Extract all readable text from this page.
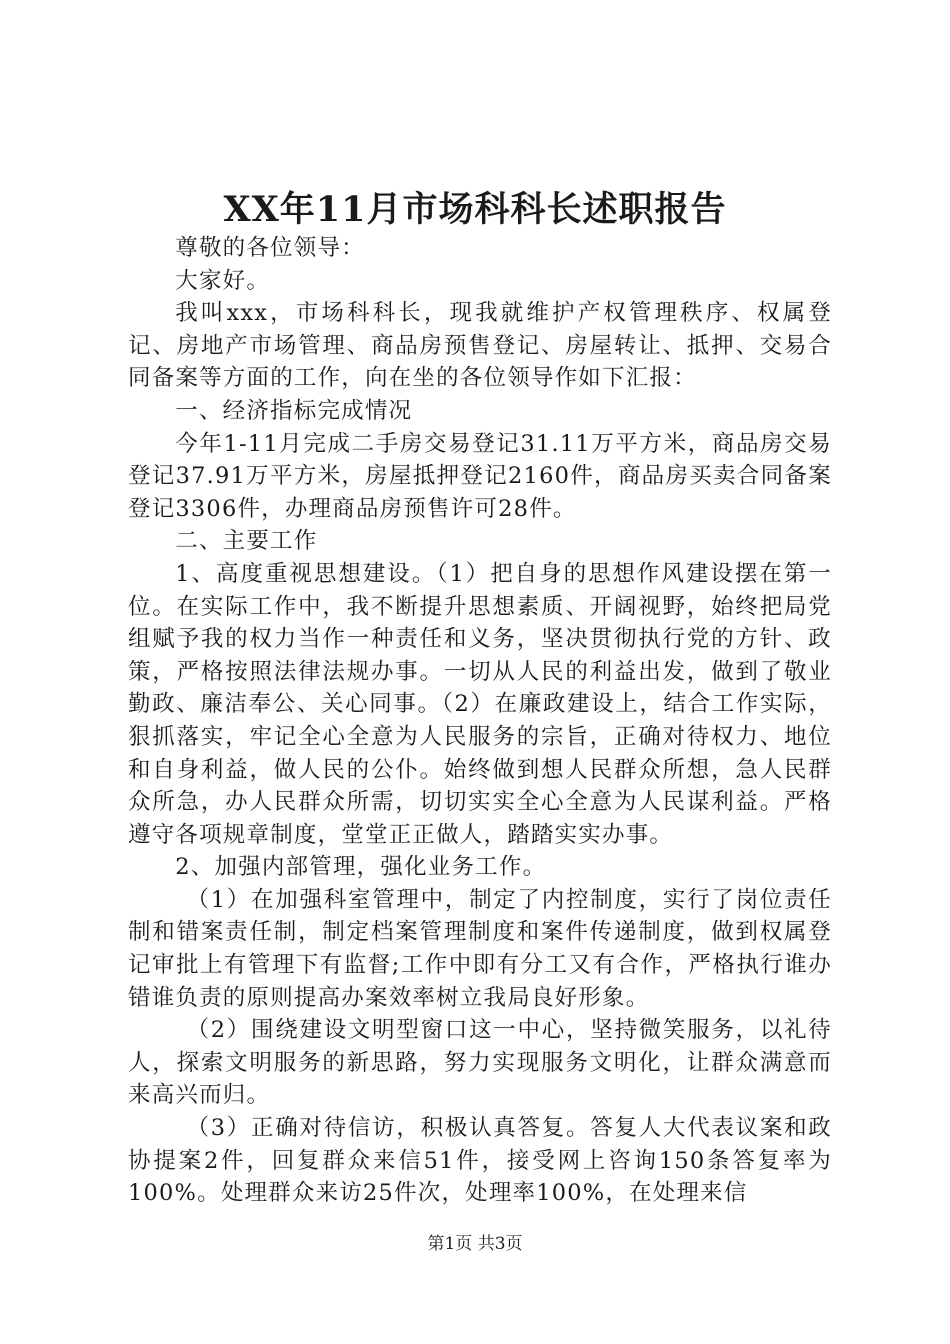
XX年11月市场科科长述职报告

尊敬的各位领导：

大家好。

我叫xxx，市场科科长，现我就维护产权管理秩序、权属登记、房地产市场管理、商品房预售登记、房屋转让、抵押、交易合同备案等方面的工作，向在坐的各位领导作如下汇报：

一、经济指标完成情况

今年1-11月完成二手房交易登记31.11万平方米，商品房交易登记37.91万平方米，房屋抵押登记2160件，商品房买卖合同备案登记3306件，办理商品房预售许可28件。

二、主要工作

1、高度重视思想建设。（1）把自身的思想作风建设摆在第一位。在实际工作中，我不断提升思想素质、开阔视野，始终把局党组赋予我的权力当作一种责任和义务，坚决贯彻执行党的方针、政策，严格按照法律法规办事。一切从人民的利益出发，做到了敬业勤政、廉洁奉公、关心同事。（2）在廉政建设上，结合工作实际，狠抓落实，牢记全心全意为人民服务的宗旨，正确对待权力、地位和自身利益，做人民的公仆。始终做到想人民群众所想，急人民群众所急，办人民群众所需，切切实实全心全意为人民谋利益。严格遵守各项规章制度，堂堂正正做人，踏踏实实办事。

2、加强内部管理，强化业务工作。

（1）在加强科室管理中，制定了内控制度，实行了岗位责任制和错案责任制，制定档案管理制度和案件传递制度，做到权属登记审批上有管理下有监督;工作中即有分工又有合作，严格执行谁办错谁负责的原则提高办案效率树立我局良好形象。

（2）围绕建设文明型窗口这一中心，坚持微笑服务，以礼待人，探索文明服务的新思路，努力实现服务文明化，让群众满意而来高兴而归。

（3）正确对待信访，积极认真答复。答复人大代表议案和政协提案2件，回复群众来信51件，接受网上咨询150条答复率为100%。处理群众来访25件次，处理率100%，在处理来信

第1页 共3页
